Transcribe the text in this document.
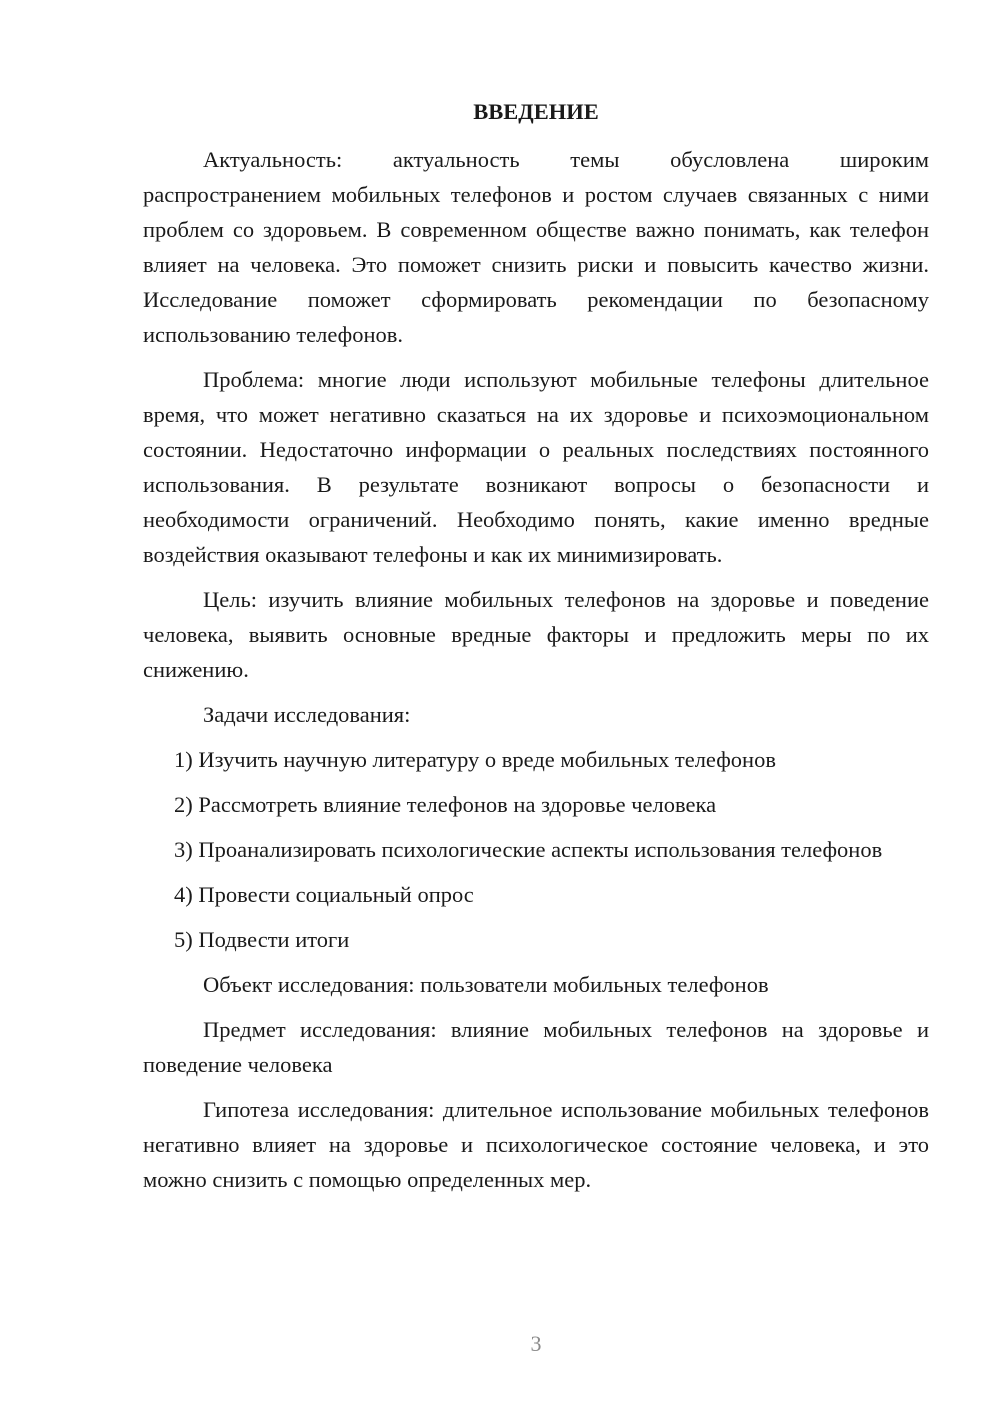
ВВЕДЕНИЕ

Актуальность: актуальность темы обусловлена широким распространением мобильных телефонов и ростом случаев связанных с ними проблем со здоровьем. В современном обществе важно понимать, как телефон влияет на человека. Это поможет снизить риски и повысить качество жизни. Исследование поможет сформировать рекомендации по безопасному использованию телефонов.

Проблема: многие люди используют мобильные телефоны длительное время, что может негативно сказаться на их здоровье и психоэмоциональном состоянии. Недостаточно информации о реальных последствиях постоянного использования. В результате возникают вопросы о безопасности и необходимости ограничений. Необходимо понять, какие именно вредные воздействия оказывают телефоны и как их минимизировать.

Цель: изучить влияние мобильных телефонов на здоровье и поведение человека, выявить основные вредные факторы и предложить меры по их снижению.

Задачи исследования:

1) Изучить научную литературу о вреде мобильных телефонов

2) Рассмотреть влияние телефонов на здоровье человека

3) Проанализировать психологические аспекты использования телефонов

4) Провести социальный опрос

5) Подвести итоги

Объект исследования: пользователи мобильных телефонов

Предмет исследования: влияние мобильных телефонов на здоровье и поведение человека

Гипотеза исследования: длительное использование мобильных телефонов негативно влияет на здоровье и психологическое состояние человека, и это можно снизить с помощью определенных мер.

3
